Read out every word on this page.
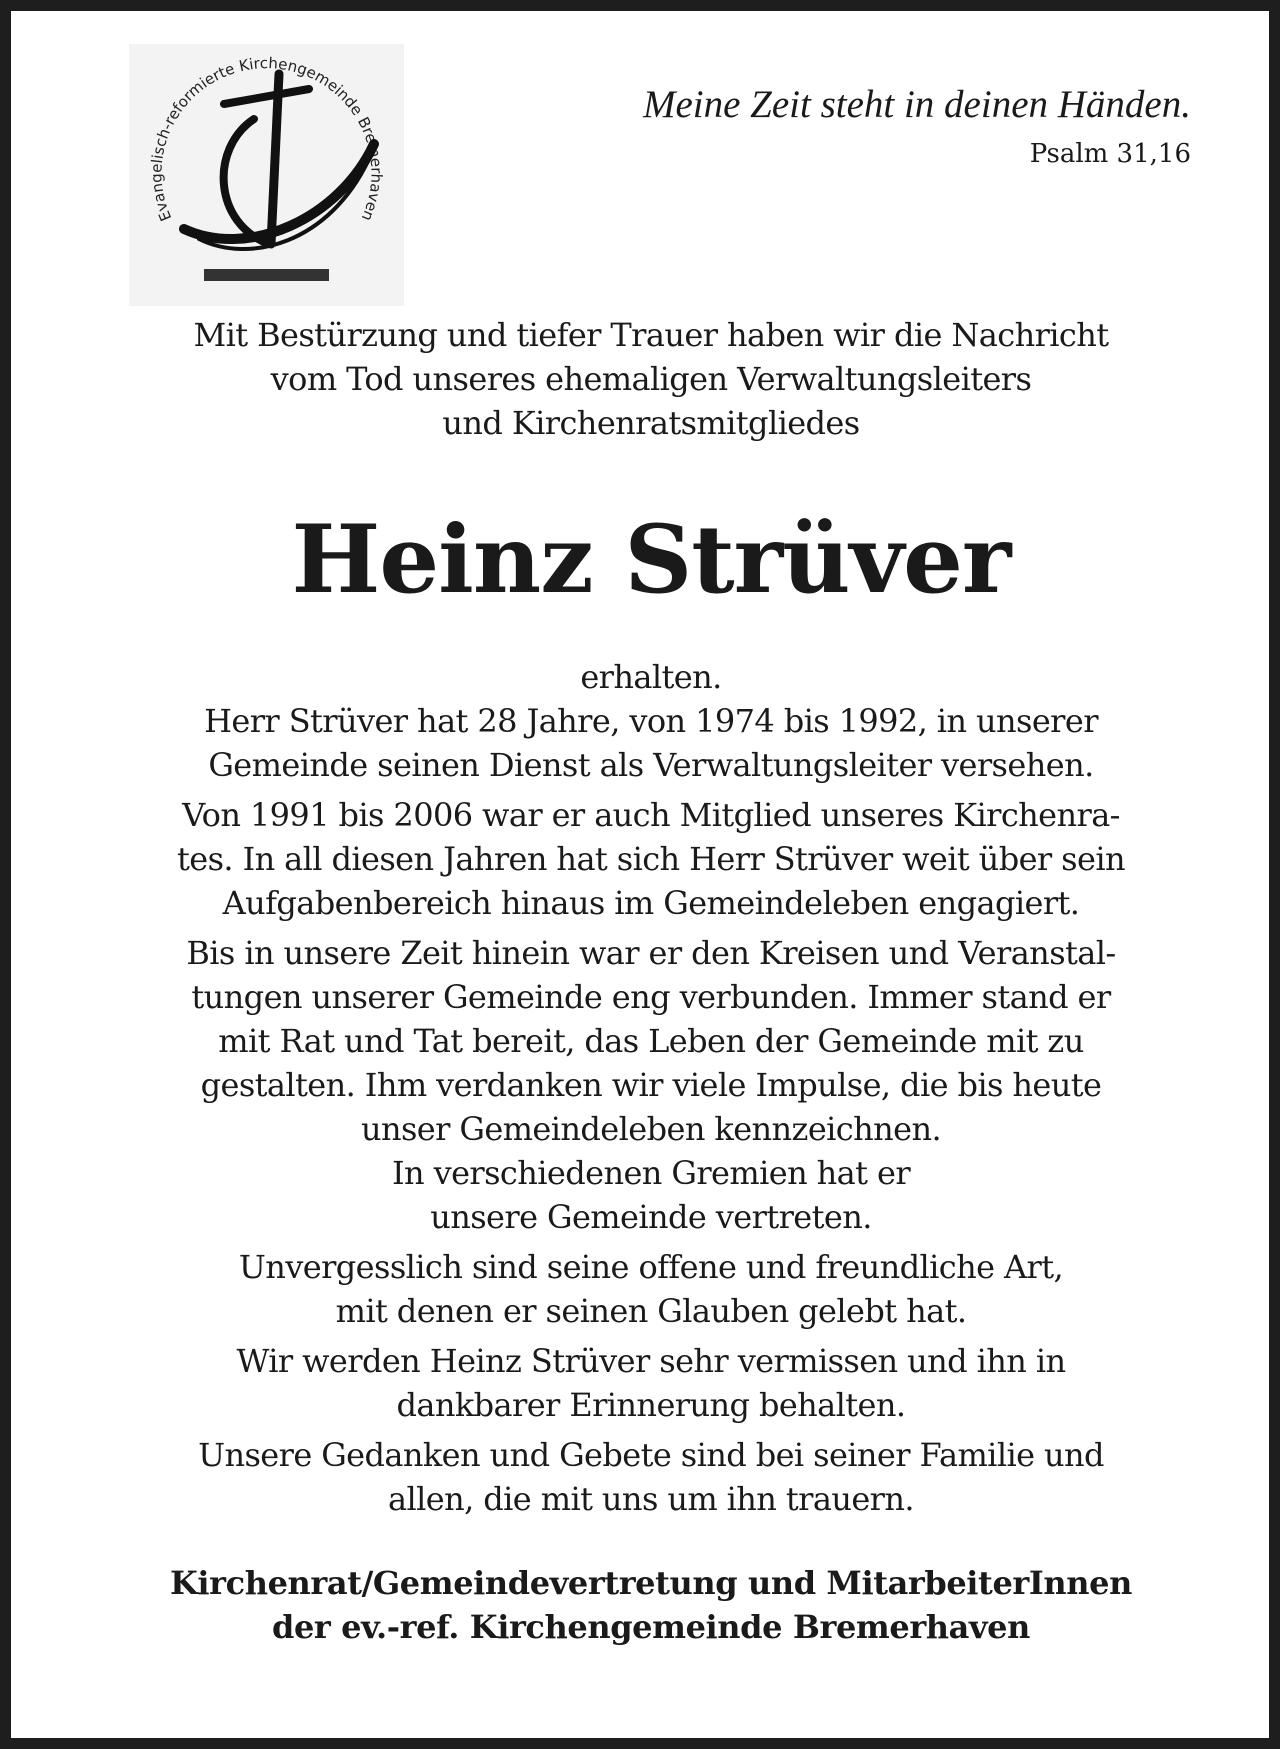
Evangelisch-reformierte Kirchengemeinde Bremerhaven
Meine Zeit steht in deinen Händen.
Psalm 31,16

Mit Bestürzung und tiefer Trauer haben wir die Nachricht
vom Tod unseres ehemaligen Verwaltungsleiters
und Kirchenratsmitgliedes

Heinz Strüver

erhalten.
Herr Strüver hat 28 Jahre, von 1974 bis 1992, in unserer
Gemeinde seinen Dienst als Verwaltungsleiter versehen.

Von 1991 bis 2006 war er auch Mitglied unseres Kirchenra-
tes. In all diesen Jahren hat sich Herr Strüver weit über sein
Aufgabenbereich hinaus im Gemeindeleben engagiert.

Bis in unsere Zeit hinein war er den Kreisen und Veranstal-
tungen unserer Gemeinde eng verbunden. Immer stand er
mit Rat und Tat bereit, das Leben der Gemeinde mit zu
gestalten. Ihm verdanken wir viele Impulse, die bis heute
unser Gemeindeleben kennzeichnen.
In verschiedenen Gremien hat er
unsere Gemeinde vertreten.

Unvergesslich sind seine offene und freundliche Art,
mit denen er seinen Glauben gelebt hat.

Wir werden Heinz Strüver sehr vermissen und ihn in
dankbarer Erinnerung behalten.

Unsere Gedanken und Gebete sind bei seiner Familie und
allen, die mit uns um ihn trauern.

Kirchenrat/Gemeindevertretung und MitarbeiterInnen
der ev.-ref. Kirchengemeinde Bremerhaven
